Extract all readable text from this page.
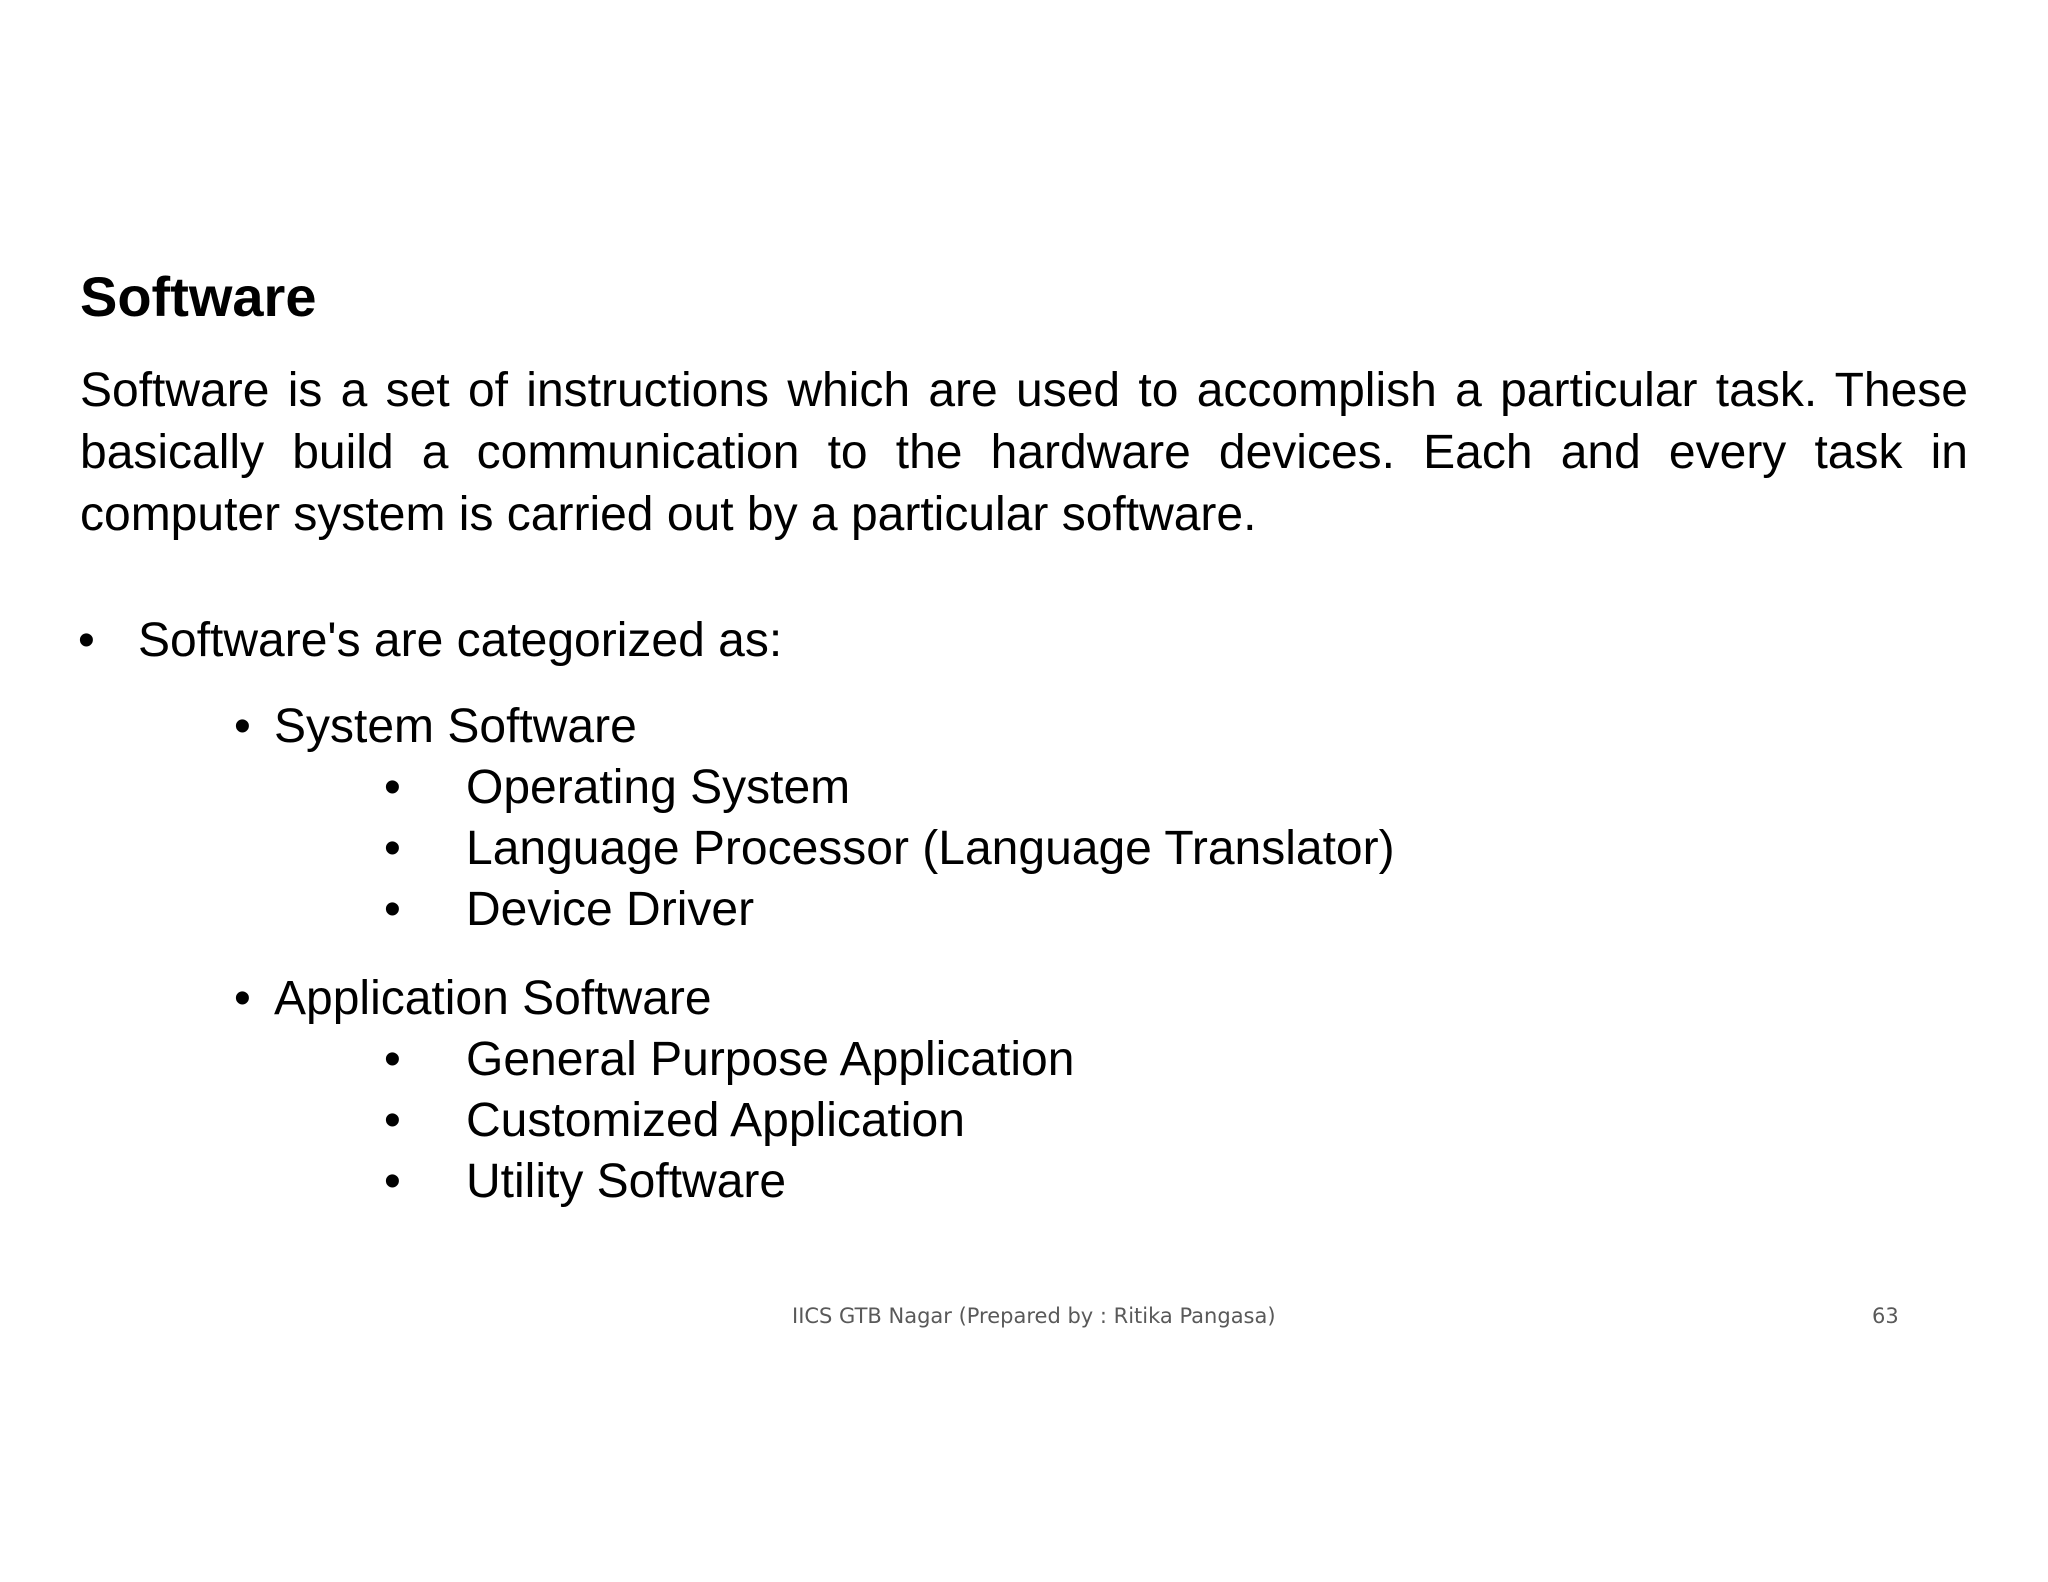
Software

Software is a set of instructions which are used to accomplish a particular task. These basically build a communication to the hardware devices. Each and every task in computer system is carried out by a particular software.

• Software's are categorized as:
• System Software
• Operating System
• Language Processor (Language Translator)
• Device Driver
• Application Software
• General Purpose Application
• Customized Application
• Utility Software
IICS GTB Nagar (Prepared by : Ritika Pangasa)	63
